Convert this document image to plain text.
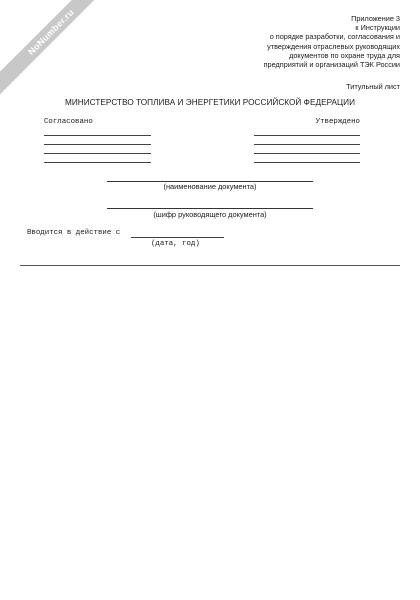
NoNumber.ru	Приложение 3
к Инструкции
о порядке разработки, согласования и
утверждения отраслевых руководящих
документов по охране труда для
предприятий и организаций ТЭК России
Титульный лист
МИНИСТЕРСТВО ТОПЛИВА И ЭНЕРГЕТИКИ РОССИЙСКОЙ ФЕДЕРАЦИИ
Согласовано	Утверждено
(наименование документа)
(шифр руководящего документа)
Вводится в действие с
(дата, год)
